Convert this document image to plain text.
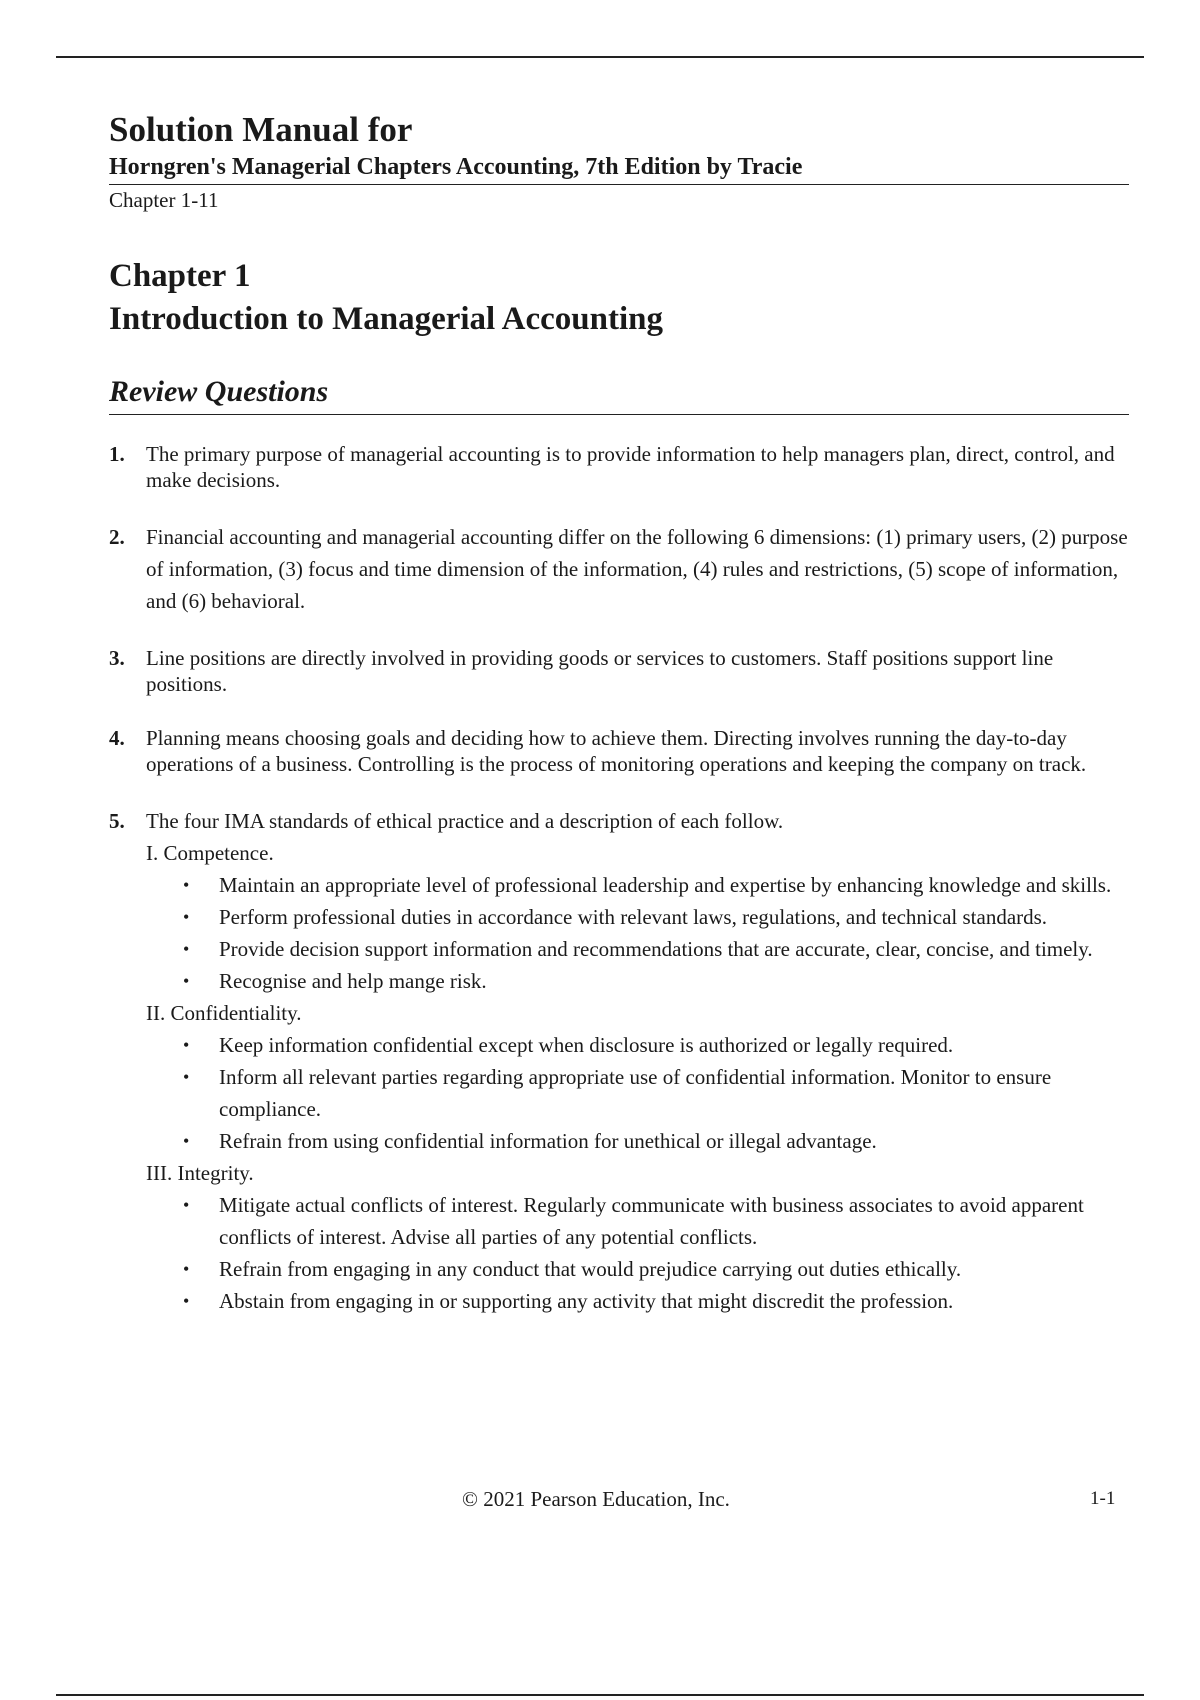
Solution Manual for
Horngren's Managerial Chapters Accounting, 7th Edition by Tracie
Chapter 1-11
Chapter 1
Introduction to Managerial Accounting
Review Questions
1. The primary purpose of managerial accounting is to provide information to help managers plan, direct, control, and make decisions.
2. Financial accounting and managerial accounting differ on the following 6 dimensions: (1) primary users, (2) purpose of information, (3) focus and time dimension of the information, (4) rules and restrictions, (5) scope of information, and (6) behavioral.
3. Line positions are directly involved in providing goods or services to customers. Staff positions support line positions.
4. Planning means choosing goals and deciding how to achieve them. Directing involves running the day-to-day operations of a business. Controlling is the process of monitoring operations and keeping the company on track.
5. The four IMA standards of ethical practice and a description of each follow.
I. Competence.
• Maintain an appropriate level of professional leadership and expertise by enhancing knowledge and skills.
• Perform professional duties in accordance with relevant laws, regulations, and technical standards.
• Provide decision support information and recommendations that are accurate, clear, concise, and timely.
• Recognise and help mange risk.
II. Confidentiality.
• Keep information confidential except when disclosure is authorized or legally required.
• Inform all relevant parties regarding appropriate use of confidential information. Monitor to ensure compliance.
• Refrain from using confidential information for unethical or illegal advantage.
III. Integrity.
• Mitigate actual conflicts of interest. Regularly communicate with business associates to avoid apparent conflicts of interest. Advise all parties of any potential conflicts.
• Refrain from engaging in any conduct that would prejudice carrying out duties ethically.
• Abstain from engaging in or supporting any activity that might discredit the profession.
© 2021 Pearson Education, Inc.	1-1
